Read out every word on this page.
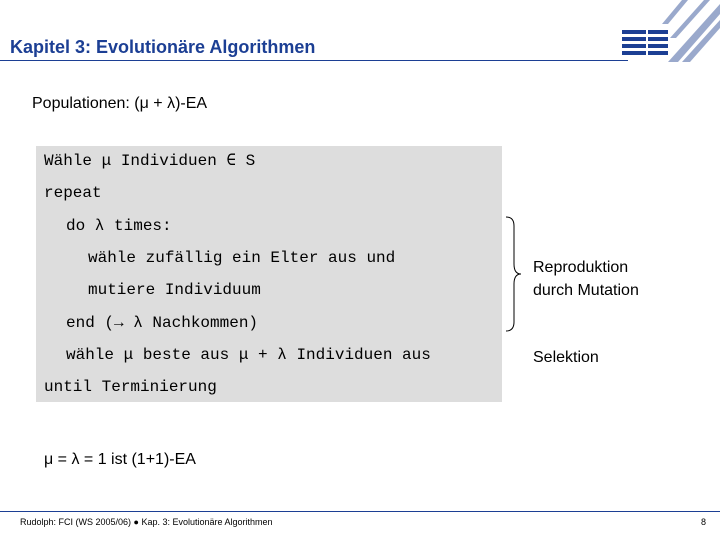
Kapitel 3: Evolutionäre Algorithmen
Populationen: (μ + λ)-EA
Wähle μ Individuen ∈ S
repeat
do λ times:
wähle zufällig ein Elter aus und
mutiere Individuum
end (→ λ Nachkommen)
wähle μ beste aus μ + λ Individuen aus
until Terminierung
Reproduktion
durch Mutation
Selektion
μ = λ = 1 ist (1+1)-EA
Rudolph: FCI (WS 2005/06) ● Kap. 3: Evolutionäre Algorithmen	8
